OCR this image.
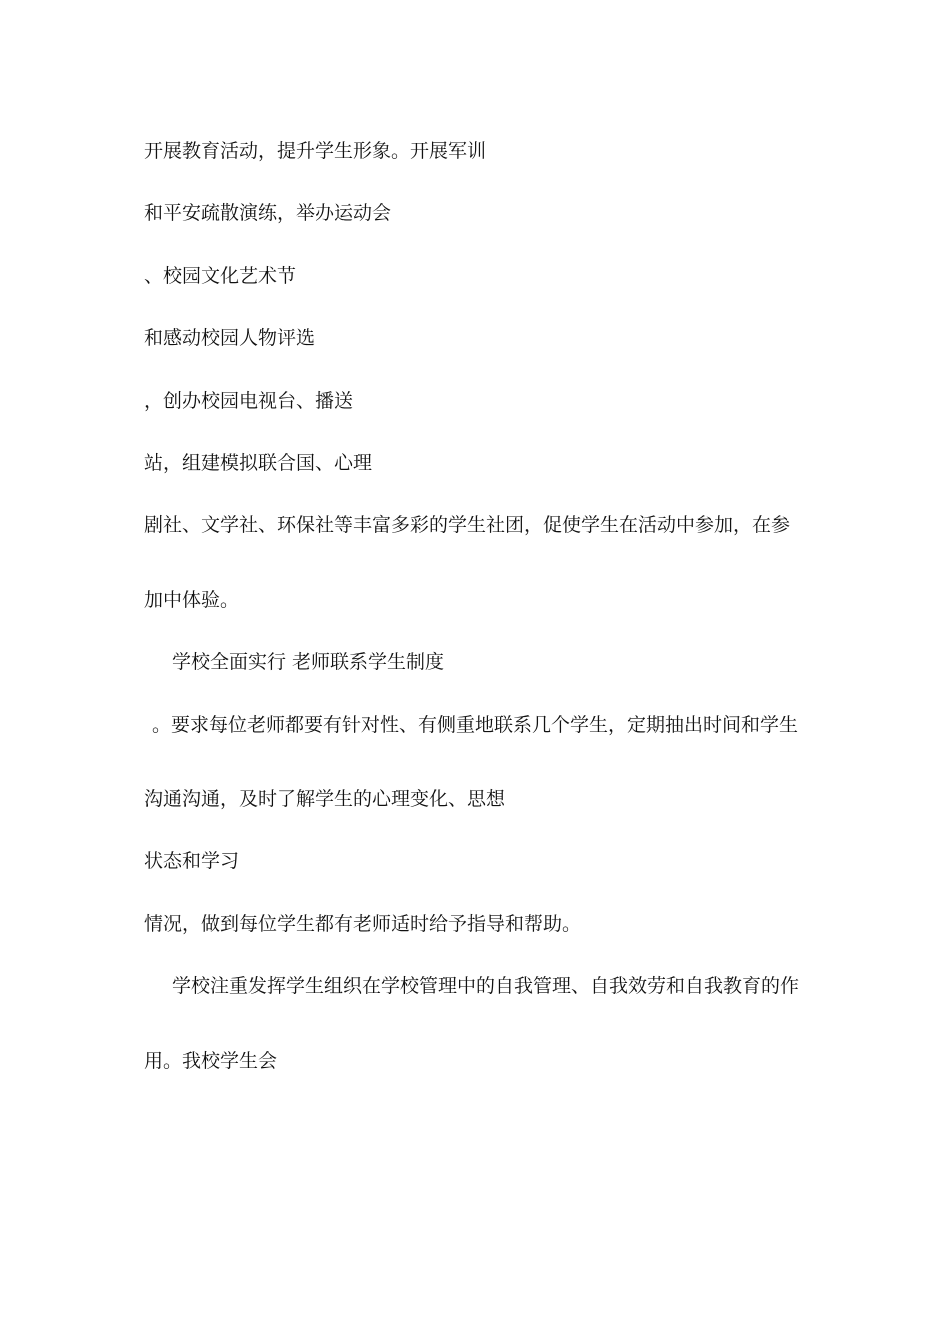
开展教育活动，提升学生形象。开展军训
和平安疏散演练，举办运动会
、校园文化艺术节
和感动校园人物评选
，创办校园电视台、播送
站，组建模拟联合国、心理
剧社、文学社、环保社等丰富多彩的学生社团，促使学生在活动中参加，在参
加中体验。
学校全面实行 老师联系学生制度
。要求每位老师都要有针对性、有侧重地联系几个学生，定期抽出时间和学生
沟通沟通，及时了解学生的心理变化、思想
状态和学习
情况，做到每位学生都有老师适时给予指导和帮助。
学校注重发挥学生组织在学校管理中的自我管理、自我效劳和自我教育的作
用。我校学生会
